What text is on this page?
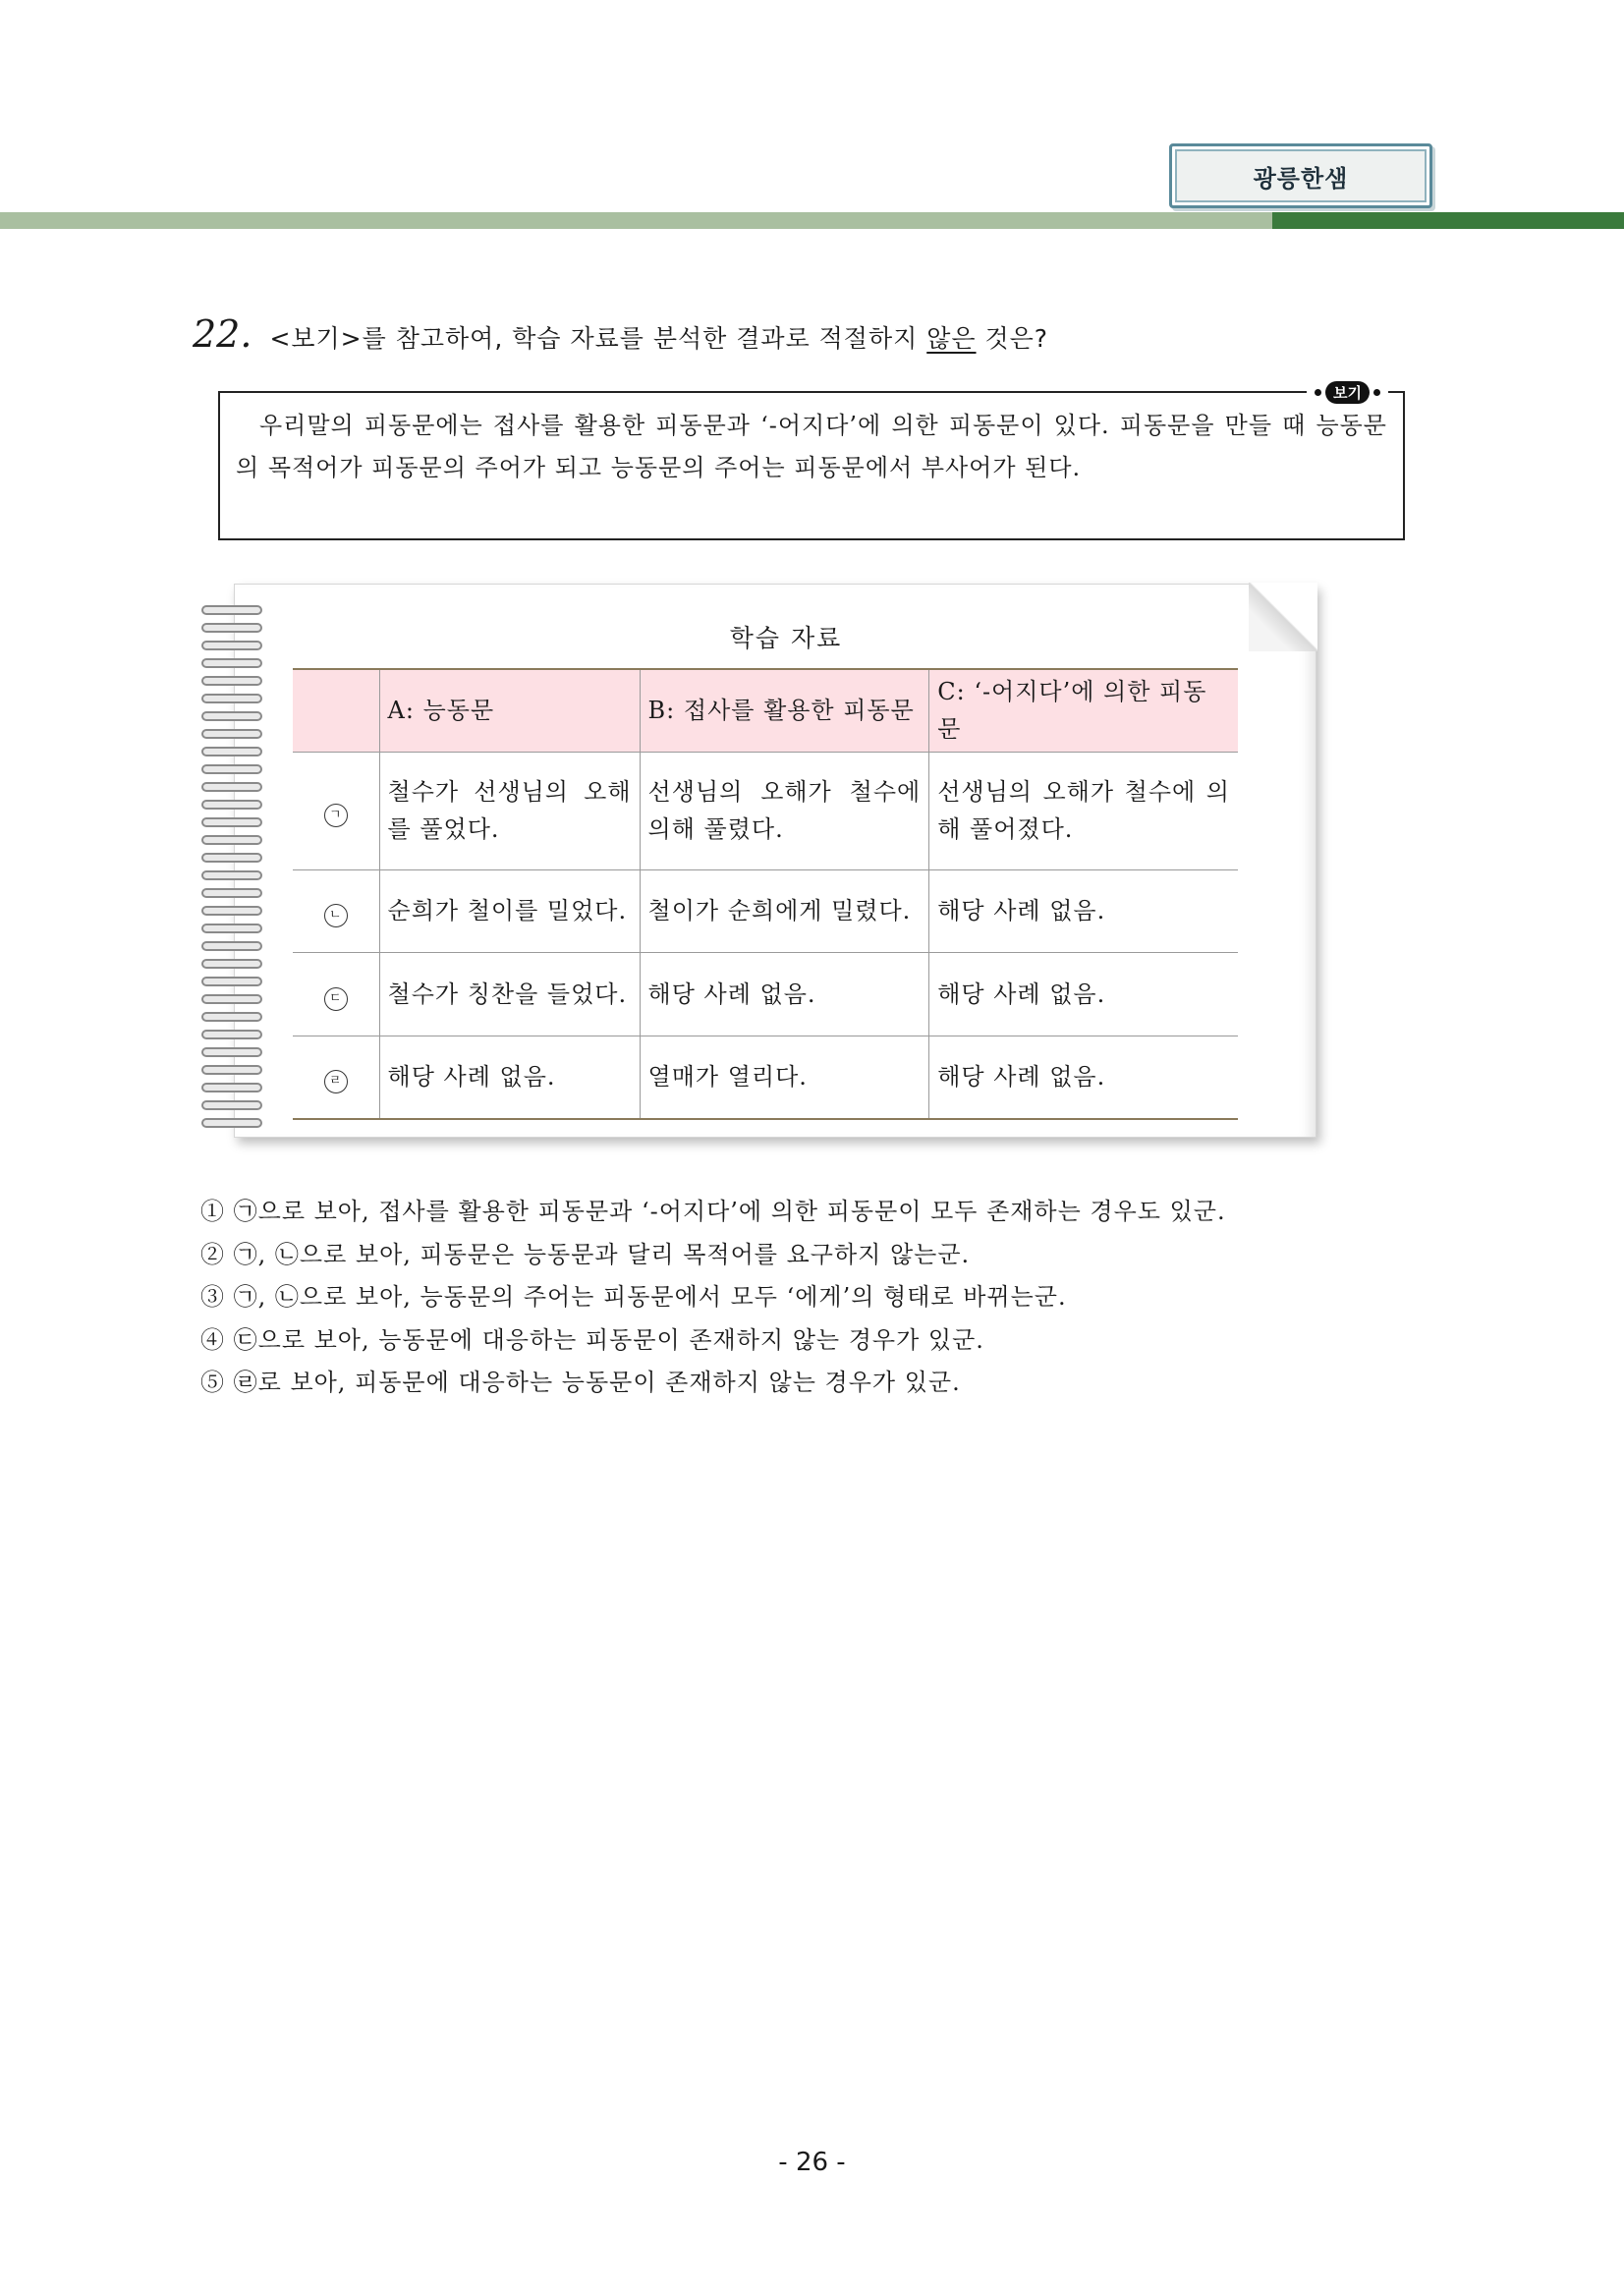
광릉한샘
22. <보기>를 참고하여, 학습 자료를 분석한 결과로 적절하지 않은 것은?
보기
우리말의 피동문에는 접사를 활용한 피동문과 ‘-어지다’에 의한 피동문이 있다. 피동문을 만들 때 능동문의 목적어가 피동문의 주어가 되고 능동문의 주어는 피동문에서 부사어가 된다.
학습 자료
	A: 능동문	B: 접사를 활용한 피동문	C: ‘-어지다’에 의한 피동문
ㄱ	철수가 선생님의 오해를 풀었다.	선생님의 오해가 철수에 의해 풀렸다.	선생님의 오해가 철수에 의해 풀어졌다.
ㄴ	순희가 철이를 밀었다.	철이가 순희에게 밀렸다.	해당 사례 없음.
ㄷ	철수가 칭찬을 들었다.	해당 사례 없음.	해당 사례 없음.
ㄹ	해당 사례 없음.	열매가 열리다.	해당 사례 없음.
① ㉠으로 보아, 접사를 활용한 피동문과 ‘-어지다’에 의한 피동문이 모두 존재하는 경우도 있군.
② ㉠, ㉡으로 보아, 피동문은 능동문과 달리 목적어를 요구하지 않는군.
③ ㉠, ㉡으로 보아, 능동문의 주어는 피동문에서 모두 ‘에게’의 형태로 바뀌는군.
④ ㉢으로 보아, 능동문에 대응하는 피동문이 존재하지 않는 경우가 있군.
⑤ ㉣로 보아, 피동문에 대응하는 능동문이 존재하지 않는 경우가 있군.
- 26 -
